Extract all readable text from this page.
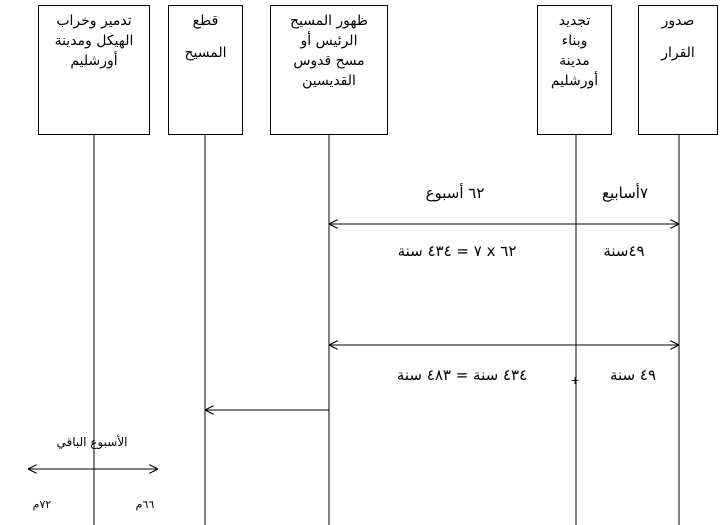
٦٢ أسبوع	٧أسابيع
٦٢ x ٧ = ٤٣٤ سنة	٤٩سنة
٤٣٤ سنة = ٤٨٣ سنة	٤٩ سنة
+
الأسبوع الباقي
٦٦م
٧٢م
تدمير وخراب
الهيكل ومدينة
أورشليم
قطع
المسيح
ظهور المسيح
الرئيس أو
مسح قدوس
القديسين
تجديد
وبناء
مدينة
أورشليم
صدور
القرار
